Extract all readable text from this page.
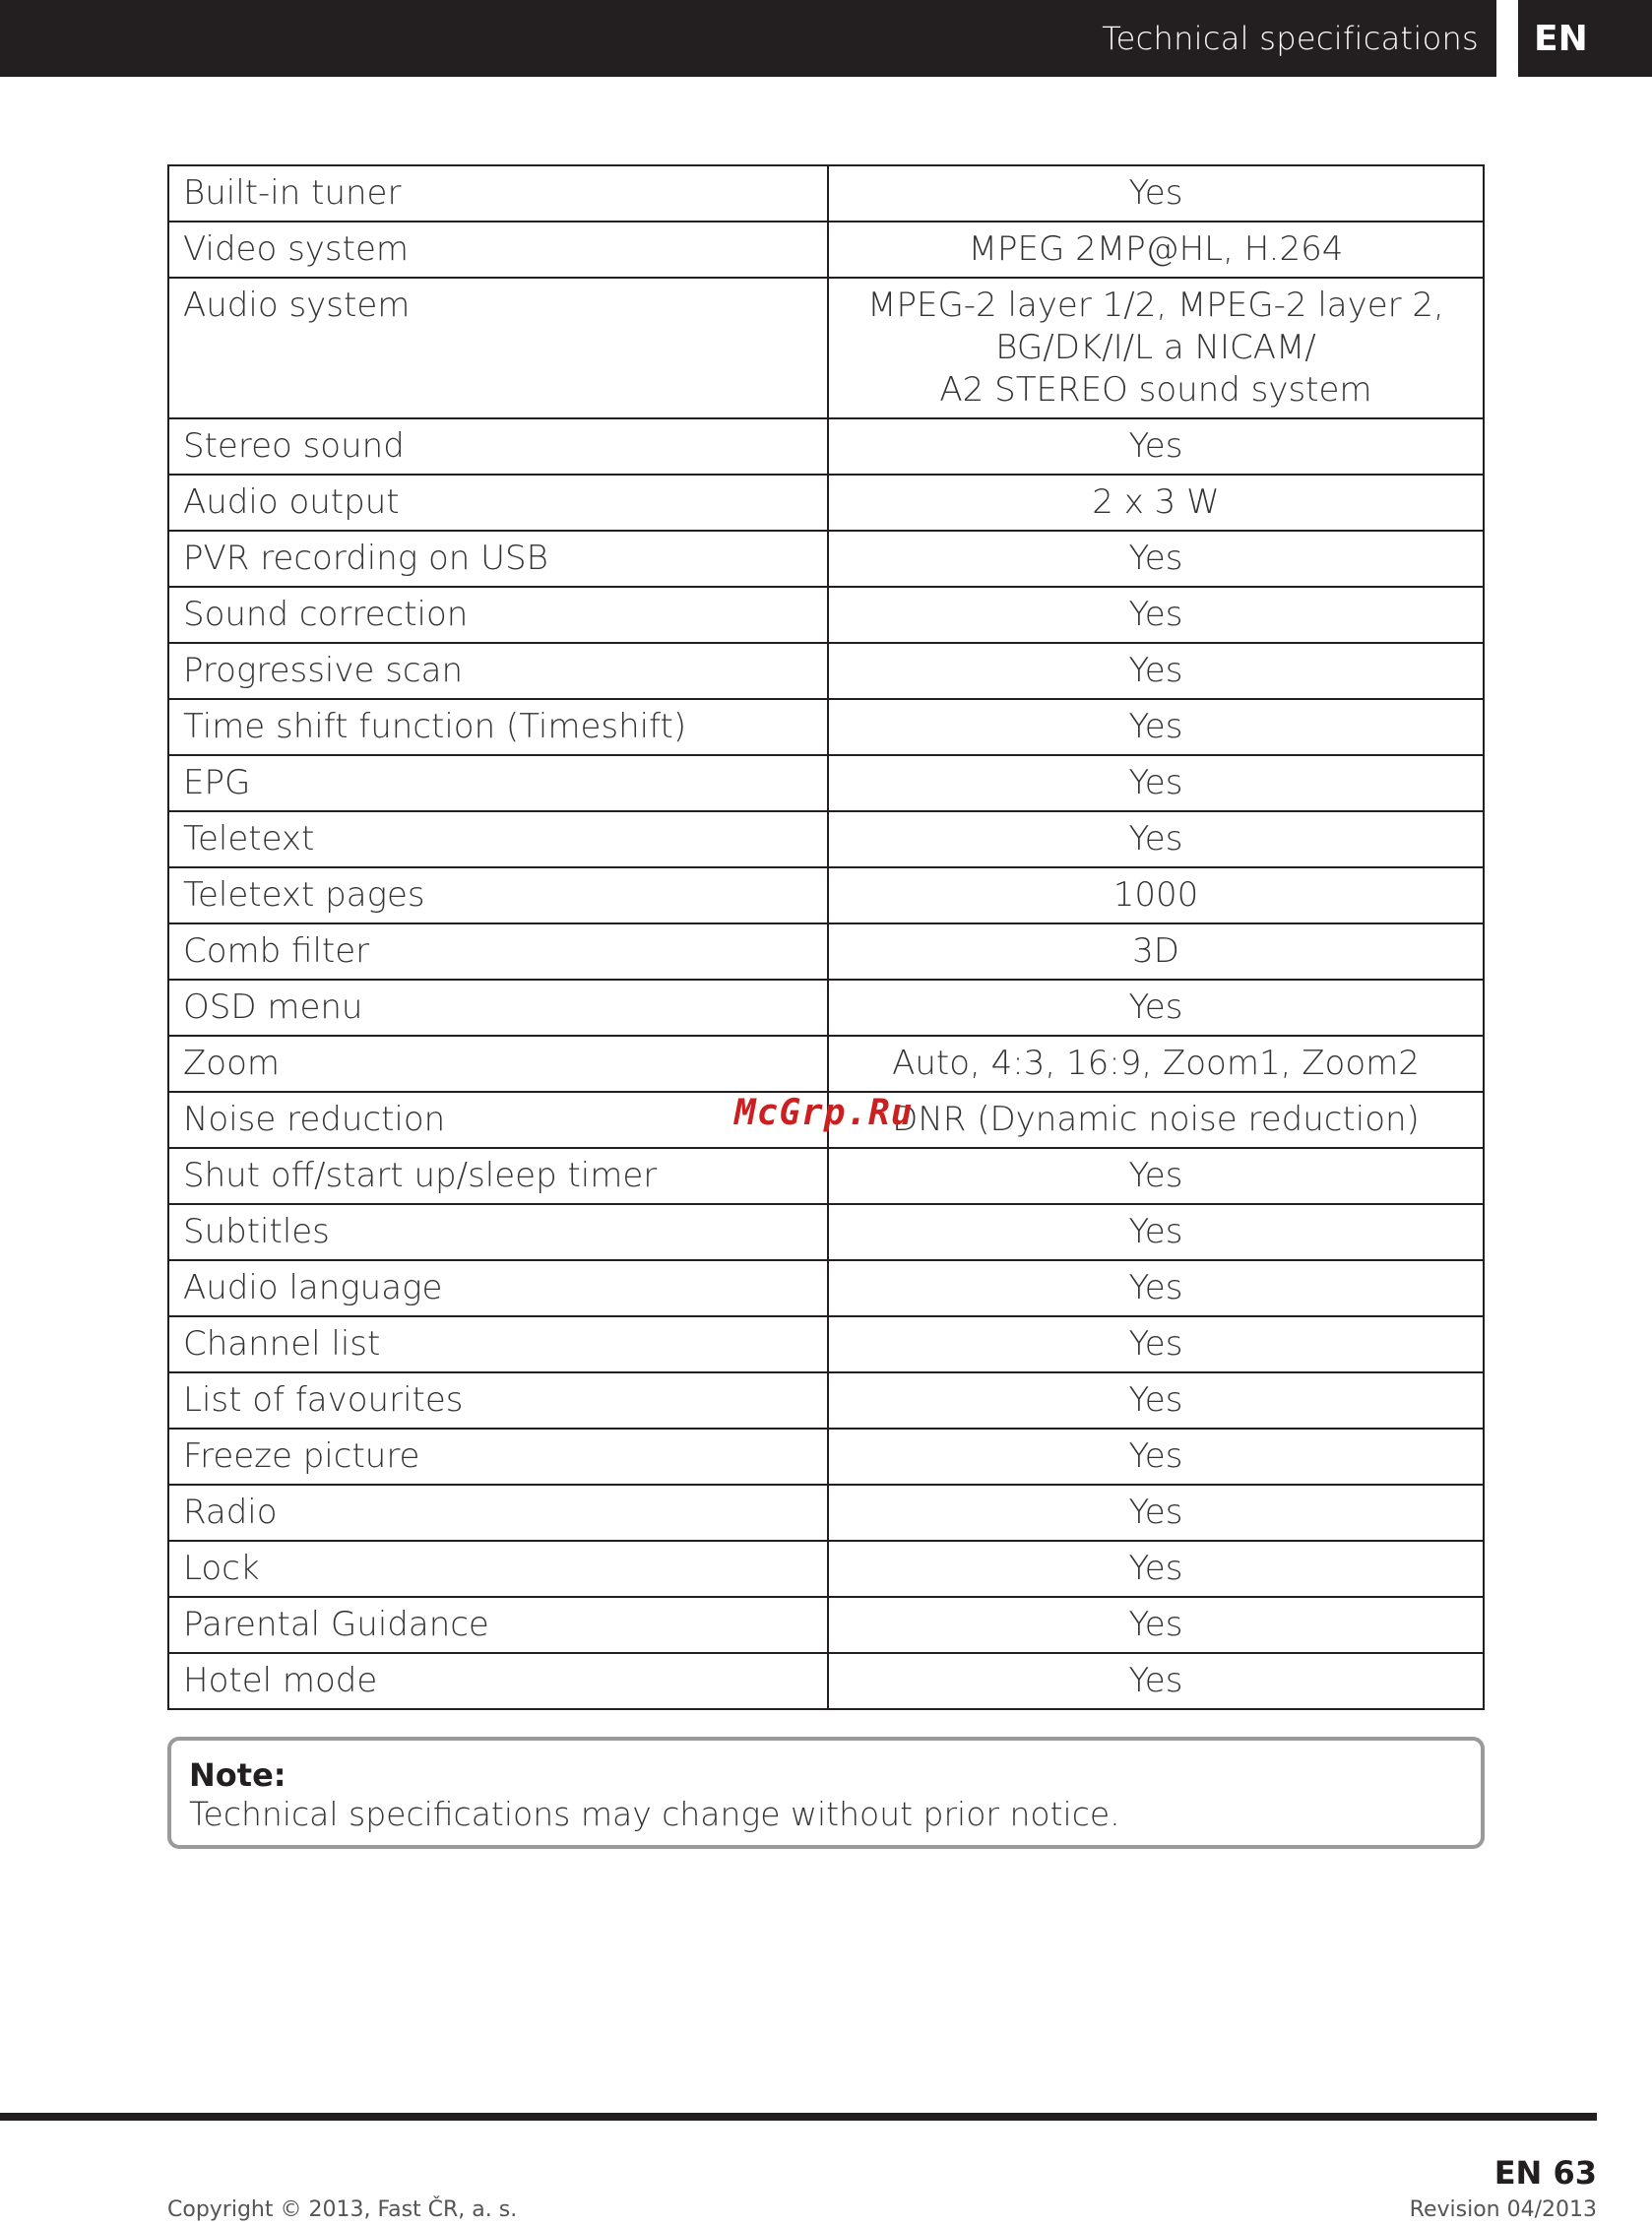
Technical specifications	EN
Built-in tuner	Yes
Video system	MPEG 2MP@HL, H.264
Audio system	MPEG-2 layer 1/2, MPEG-2 layer 2,
BG/DK/I/L a NICAM/
A2 STEREO sound system
Stereo sound	Yes
Audio output	2 x 3 W
PVR recording on USB	Yes
Sound correction	Yes
Progressive scan	Yes
Time shift function (Timeshift)	Yes
EPG	Yes
Teletext	Yes
Teletext pages	1000
Comb filter	3D
OSD menu	Yes
Zoom	Auto, 4:3, 16:9, Zoom1, Zoom2
Noise reduction	DNR (Dynamic noise reduction)
Shut off/start up/sleep timer	Yes
Subtitles	Yes
Audio language	Yes
Channel list	Yes
List of favourites	Yes
Freeze picture	Yes
Radio	Yes
Lock	Yes
Parental Guidance	Yes
Hotel mode	Yes
McGrp.Ru
Note:
Technical specifications may change without prior notice.
EN 63
Copyright © 2013, Fast ČR, a. s.	Revision 04/2013
